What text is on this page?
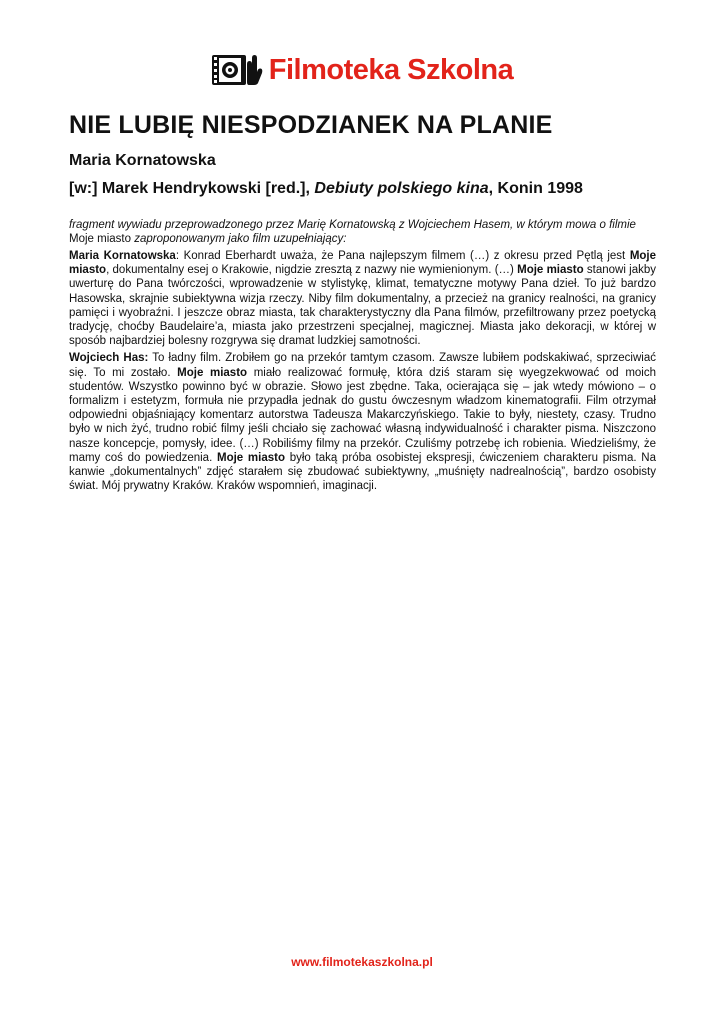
Filmoteka Szkolna
NIE LUBIĘ NIESPODZIANEK NA PLANIE
Maria Kornatowska
[w:] Marek Hendrykowski [red.], Debiuty polskiego kina, Konin 1998
fragment wywiadu przeprowadzonego przez Marię Kornatowską z Wojciechem Hasem, w którym mowa o filmie Moje miasto zaproponowanym jako film uzupełniający:

Maria Kornatowska: Konrad Eberhardt uważa, że Pana najlepszym filmem (…) z okresu przed Pętlą jest Moje miasto, dokumentalny esej o Krakowie, nigdzie zresztą z nazwy nie wymienionym. (…) Moje miasto stanowi jakby uwerturę do Pana twórczości, wprowadzenie w stylistykę, klimat, tematyczne motywy Pana dzieł. To już bardzo Hasowska, skrajnie subiektywna wizja rzeczy. Niby film dokumentalny, a przecież na granicy realności, na granicy pamięci i wyobraźni. I jeszcze obraz miasta, tak charakterystyczny dla Pana filmów, przefiltrowany przez poetycką tradycję, choćby Baudelaire’a, miasta jako przestrzeni specjalnej, magicznej. Miasta jako dekoracji, w której w sposób najbardziej bolesny rozgrywa się dramat ludzkiej samotności.

Wojciech Has: To ładny film. Zrobiłem go na przekór tamtym czasom. Zawsze lubiłem podskakiwać, sprzeciwiać się. To mi zostało. Moje miasto miało realizować formułę, która dziś staram się wyegzekwować od moich studentów. Wszystko powinno być w obrazie. Słowo jest zbędne. Taka, ocierająca się – jak wtedy mówiono – o formalizm i estetyzm, formuła nie przypadła jednak do gustu ówczesnym władzom kinematografii. Film otrzymał odpowiedni objaśniający komentarz autorstwa Tadeusza Makarczyńskiego. Takie to były, niestety, czasy. Trudno było w nich żyć, trudno robić filmy jeśli chciało się zachować własną indywidualność i charakter pisma. Niszczono nasze koncepcje, pomysły, idee. (…) Robiliśmy filmy na przekór. Czuliśmy potrzebę ich robienia. Wiedzieliśmy, że mamy coś do powiedzenia. Moje miasto było taką próba osobistej ekspresji, ćwiczeniem charakteru pisma. Na kanwie „dokumentalnych” zdjęć starałem się zbudować subiektywny, „muśnięty nadrealnością”, bardzo osobisty świat. Mój prywatny Kraków. Kraków wspomnień, imaginacji.

www.filmotekaszkolna.pl
